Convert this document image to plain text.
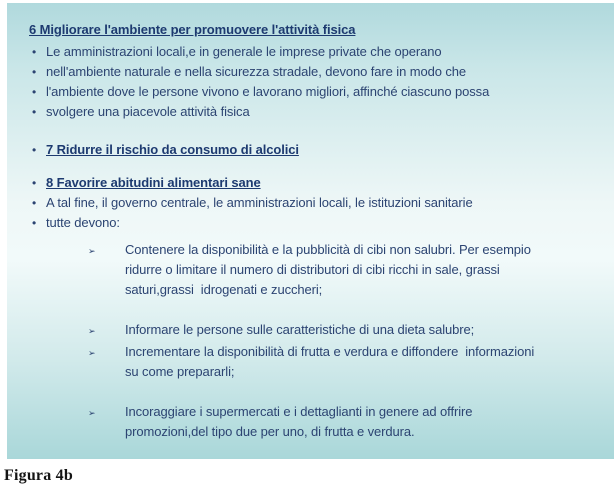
6 Migliorare l'ambiente per promuovere l'attività fisica
• Le amministrazioni locali,e in generale le imprese private che operano
• nell'ambiente naturale e nella sicurezza stradale, devono fare in modo che
• l'ambiente dove le persone vivono e lavorano migliori, affinché ciascuno possa
• svolgere una piacevole attività fisica
• 7 Ridurre il rischio da consumo di alcolici
• 8 Favorire abitudini alimentari sane
• A tal fine, il governo centrale, le amministrazioni locali, le istituzioni sanitarie
• tutte devono:
➢	Contenere la disponibilità e la pubblicità di cibi non salubri. Per esempio
ridurre o limitare il numero di distributori di cibi ricchi in sale, grassi
saturi,grassi  idrogenati e zuccheri;
➢	Informare le persone sulle caratteristiche di una dieta salubre;
➢	Incrementare la disponibilità di frutta e verdura e diffondere  informazioni
su come prepararli;
➢	Incoraggiare i supermercati e i dettaglianti in genere ad offrire
promozioni,del tipo due per uno, di frutta e verdura.
Figura 4b
